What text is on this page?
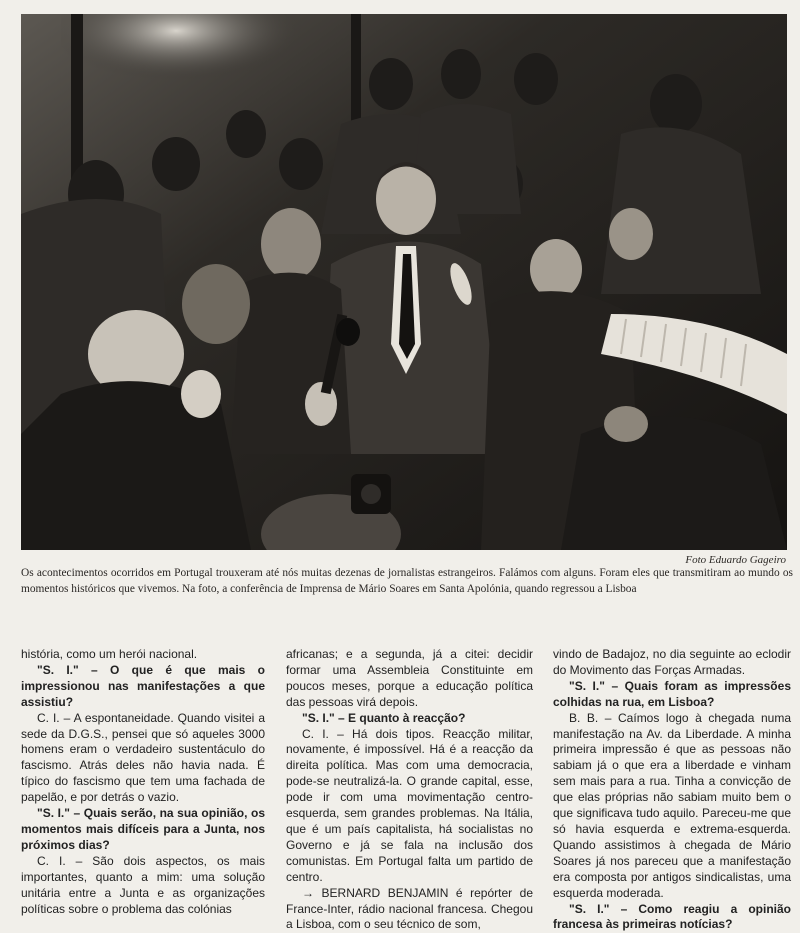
Foto Eduardo Gageiro
Os acontecimentos ocorridos em Portugal trouxeram até nós muitas dezenas de jornalistas estrangeiros. Falámos com alguns. Foram eles que transmitiram ao mundo os momentos históricos que vivemos. Na foto, a conferência de Imprensa de Mário Soares em Santa Apolónia, quando regressou a Lisboa

história, como um herói nacional.

"S. I." – O que é que mais o impressionou nas manifestações a que assistiu?

C. I. – A espontaneidade. Quando visitei a sede da D.G.S., pensei que só aqueles 3000 homens eram o verdadeiro sustentáculo do fascismo. Atrás deles não havia nada. É típico do fascismo que tem uma fachada de papelão, e por detrás o vazio.

"S. I." – Quais serão, na sua opinião, os momentos mais difíceis para a Junta, nos próximos dias?

C. I. – São dois aspectos, os mais importantes, quanto a mim: uma solução unitária entre a Junta e as organizações políticas sobre o problema das colónias

africanas; e a segunda, já a citei: decidir formar uma Assembleia Constituinte em poucos meses, porque a educação política das pessoas virá depois.

"S. I." – E quanto à reacção?

C. I. – Há dois tipos. Reacção militar, novamente, é impossível. Há é a reacção da direita política. Mas com uma democracia, pode-se neutralizá-la. O grande capital, esse, pode ir com uma movimentação centro-esquerda, sem grandes problemas. Na Itália, que é um país capitalista, há socialistas no Governo e já se fala na inclusão dos comunistas. Em Portugal falta um partido de centro.

→ BERNARD BENJAMIN é repórter de France-Inter, rádio nacional francesa. Chegou a Lisboa, com o seu técnico de som,

vindo de Badajoz, no dia seguinte ao eclodir do Movimento das Forças Armadas.

"S. I." – Quais foram as impressões colhidas na rua, em Lisboa?

B. B. – Caímos logo à chegada numa manifestação na Av. da Liberdade. A minha primeira impressão é que as pessoas não sabiam já o que era a liberdade e vinham sem mais para a rua. Tinha a convicção de que elas próprias não sabiam muito bem o que significava tudo aquilo. Pareceu-me que só havia esquerda e extrema-esquerda. Quando assistimos à chegada de Mário Soares já nos pareceu que a manifestação era composta por antigos sindicalistas, uma esquerda moderada.

"S. I." – Como reagiu a opinião francesa às primeiras notícias?
